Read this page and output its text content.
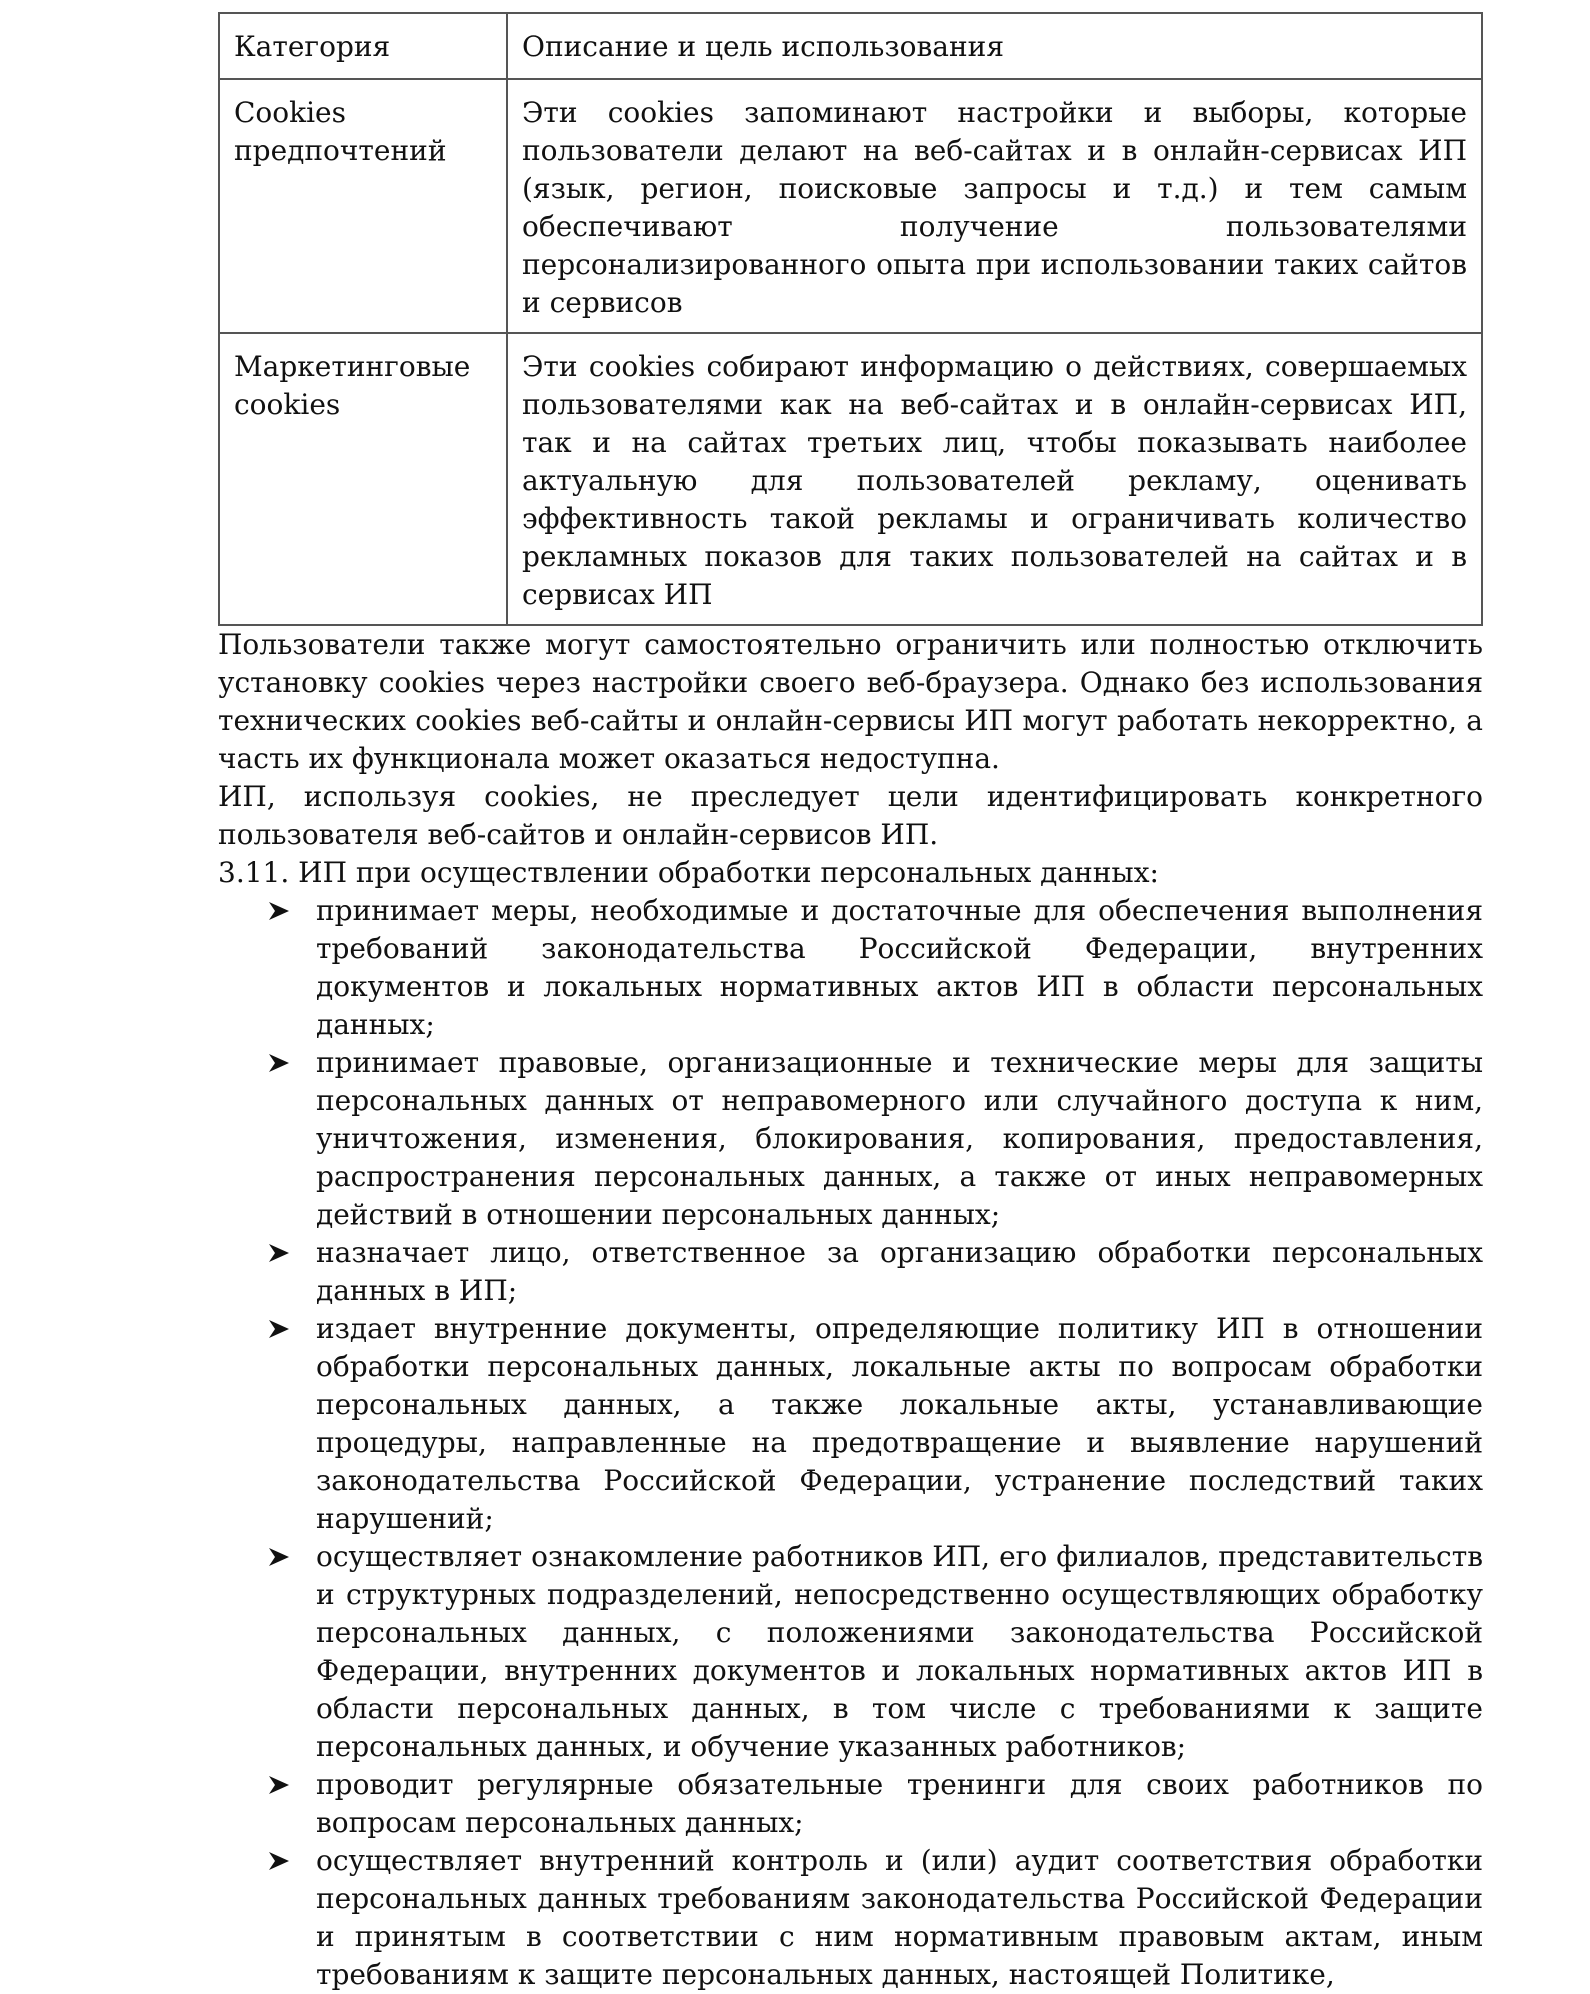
Категория	Описание и цель использования
Cookies предпочтений	Эти cookies запоминают настройки и выборы, которые пользователи делают на веб-сайтах и в онлайн-сервисах ИП (язык, регион, поисковые запросы и т.д.) и тем самым обеспечивают получение пользователями персонализированного опыта при использовании таких сайтов и сервисов
Маркетинговые cookies	Эти cookies собирают информацию о действиях, совершаемых пользователями как на веб-сайтах и в онлайн-сервисах ИП, так и на сайтах третьих лиц, чтобы показывать наиболее актуальную для пользователей рекламу, оценивать эффективность такой рекламы и ограничивать количество рекламных показов для таких пользователей на сайтах и в сервисах ИП

Пользователи также могут самостоятельно ограничить или полностью отключить установку cookies через настройки своего веб-браузера. Однако без использования технических cookies веб-сайты и онлайн-сервисы ИП могут работать некорректно, а часть их функционала может оказаться недоступна.

ИП, используя cookies, не преследует цели идентифицировать конкретного пользователя веб-сайтов и онлайн-сервисов ИП.

3.11. ИП при осуществлении обработки персональных данных:

принимает меры, необходимые и достаточные для обеспечения выполнения требований законодательства Российской Федерации, внутренних документов и локальных нормативных актов ИП в области персональных данных;
принимает правовые, организационные и технические меры для защиты персональных данных от неправомерного или случайного доступа к ним, уничтожения, изменения, блокирования, копирования, предоставления, распространения персональных данных, а также от иных неправомерных действий в отношении персональных данных;
назначает лицо, ответственное за организацию обработки персональных данных в ИП;
издает внутренние документы, определяющие политику ИП в отношении обработки персональных данных, локальные акты по вопросам обработки персональных данных, а также локальные акты, устанавливающие процедуры, направленные на предотвращение и выявление нарушений законодательства Российской Федерации, устранение последствий таких нарушений;
осуществляет ознакомление работников ИП, его филиалов, представительств и структурных подразделений, непосредственно осуществляющих обработку персональных данных, с положениями законодательства Российской Федерации, внутренних документов и локальных нормативных актов ИП в области персональных данных, в том числе с требованиями к защите персональных данных, и обучение указанных работников;
проводит регулярные обязательные тренинги для своих работников по вопросам персональных данных;
осуществляет внутренний контроль и (или) аудит соответствия обработки персональных данных требованиям законодательства Российской Федерации и принятым в соответствии с ним нормативным правовым актам, иным требованиям к защите персональных данных, настоящей Политике,
